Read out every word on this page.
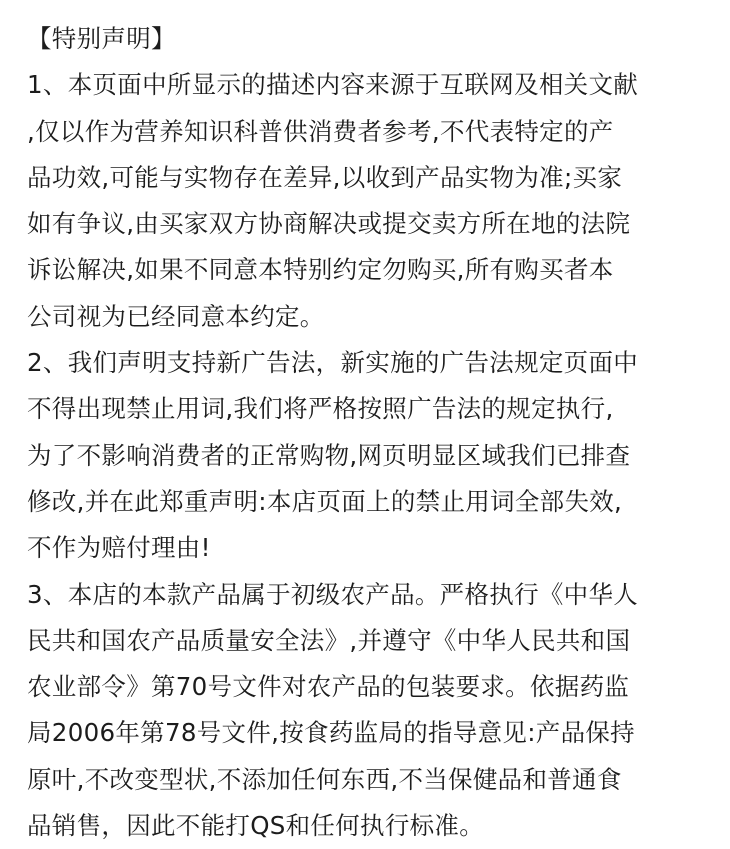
【特别声明】
1、本页面中所显示的描述内容来源于互联网及相关文献
,仅以作为营养知识科普供消费者参考,不代表特定的产
品功效,可能与实物存在差异,以收到产品实物为准;买家
如有争议,由买家双方协商解决或提交卖方所在地的法院
诉讼解决,如果不同意本特别约定勿购买,所有购买者本
公司视为已经同意本约定。
2、我们声明支持新广告法，新实施的广告法规定页面中
不得出现禁止用词,我们将严格按照广告法的规定执行,
为了不影响消费者的正常购物,网页明显区域我们已排查
修改,并在此郑重声明:本店页面上的禁止用词全部失效,
不作为赔付理由!
3、本店的本款产品属于初级农产品。严格执行《中华人
民共和国农产品质量安全法》,并遵守《中华人民共和国
农业部令》第70号文件对农产品的包装要求。依据药监
局2006年第78号文件,按食药监局的指导意见:产品保持
原叶,不改变型状,不添加任何东西,不当保健品和普通食
品销售，因此不能打QS和任何执行标准。
